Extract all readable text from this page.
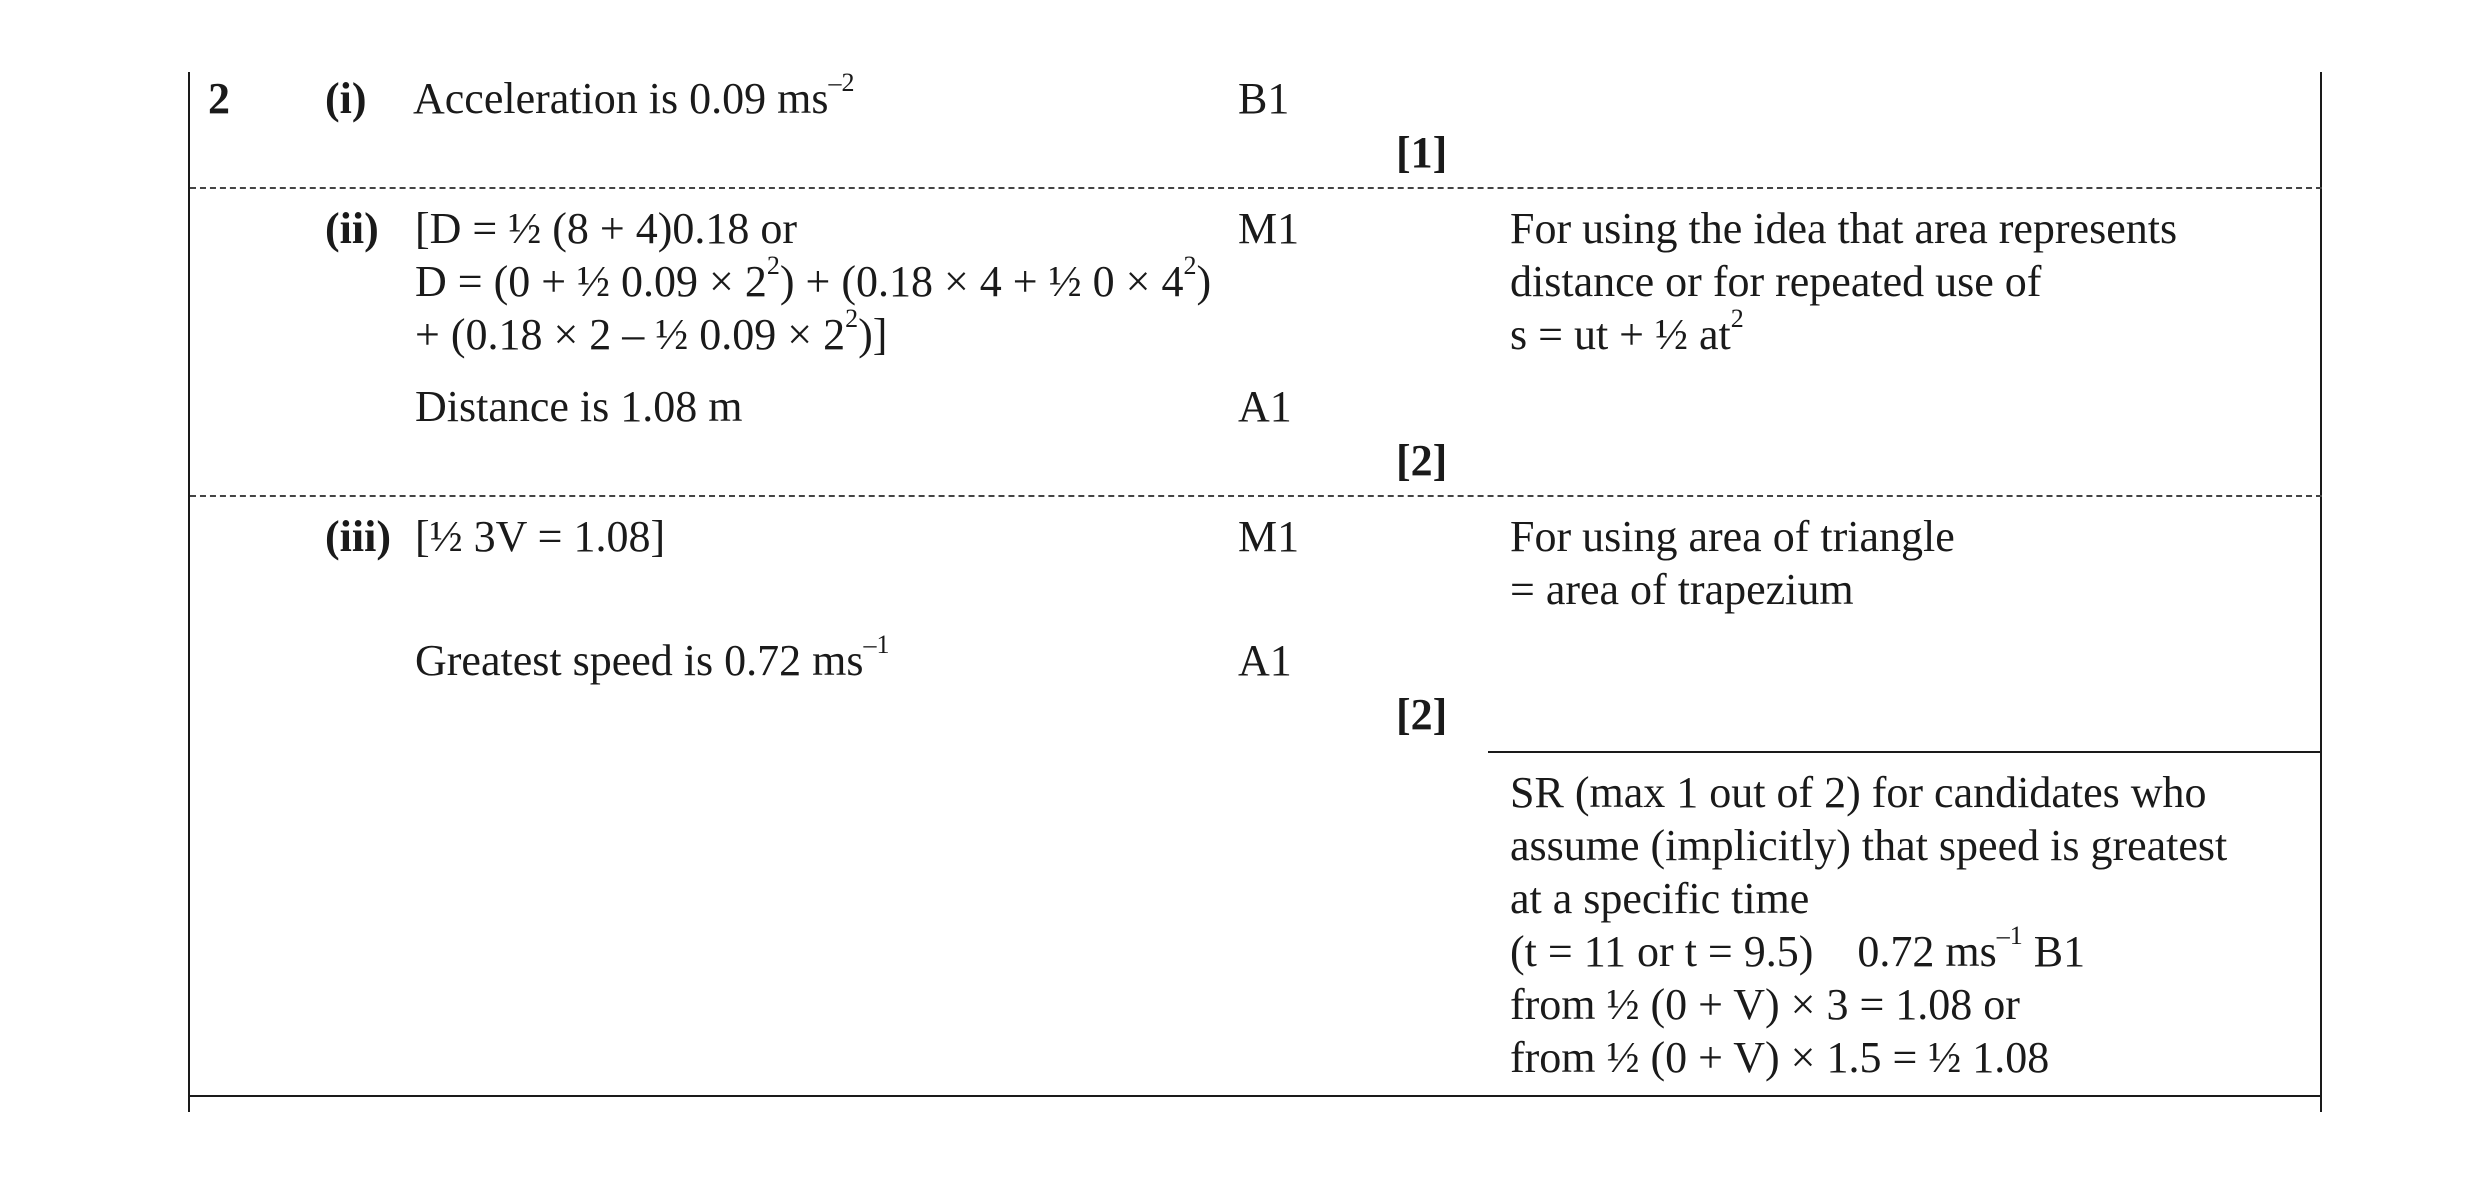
2 (i) Acceleration is 0.09 $ms^{-2}$	B1
[1]
(ii) [D = ½ (8 + 4)0.18 or
D = (0 + ½ $0.09 \times 2^2) + (0.18 \times 4$ + ½ $0 \times 4^2$)
+ (0.18 × 2 – ½ $0.09 \times 2^2$)]
M1	For using the idea that area represents
distance or for repeated use of
s = ut + ½ $at^2$
Distance is 1.08 m	A1
[2]
(iii) [½ 3V = 1.08]	M1	For using area of triangle
= area of trapezium
Greatest speed is 0.72 $ms^{-1}$	A1
[2]
SR (max 1 out of 2) for candidates who
assume (implicitly) that speed is greatest
at a specific time
(t = 11 or t = 9.5)    0.72 $ms^{-1}$ B1
from ½ (0 + V) × 3 = 1.08 or
from ½ (0 + V) × 1.5 = ½ 1.08
